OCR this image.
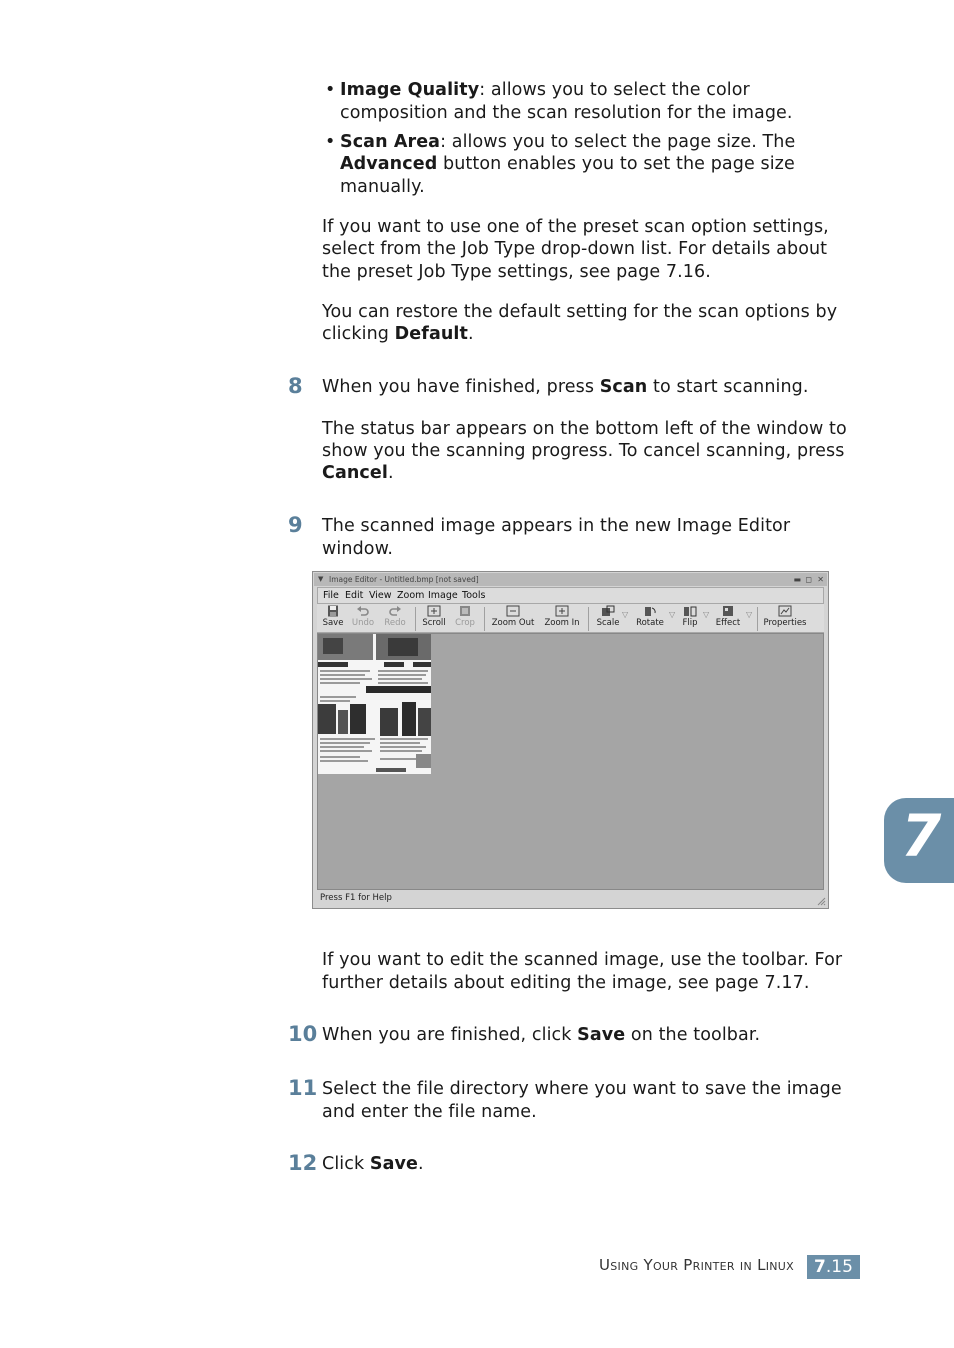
• Image Quality: allows you to select the color
composition and the scan resolution for the image.
• Scan Area: allows you to select the page size. The
Advanced button enables you to set the page size
manually.
If you want to use one of the preset scan option settings,
select from the Job Type drop-down list. For details about
the preset Job Type settings, see page 7.16.
You can restore the default setting for the scan options by
clicking Default.
8 When you have finished, press Scan to start scanning.
The status bar appears on the bottom left of the window to
show you the scanning progress. To cancel scanning, press
Cancel.
9 The scanned image appears in the new Image Editor
window.
▼ Image Editor - Untitled.bmp [not saved]	▬ ◻ ✕
File Edit View Zoom Image Tools
Save Undo	Redo	Scroll	Crop	Zoom Out	Zoom In	Scale
▽
Rotate
▽
Flip
▽
Effect
▽
Properties
Press F1 for Help
If you want to edit the scanned image, use the toolbar. For
further details about editing the image, see page 7.17.
10 When you are finished, click Save on the toolbar.
11 Select the file directory where you want to save the image
and enter the file name.
12 Click Save.
7
Using Your Printer in Linux	7.15
